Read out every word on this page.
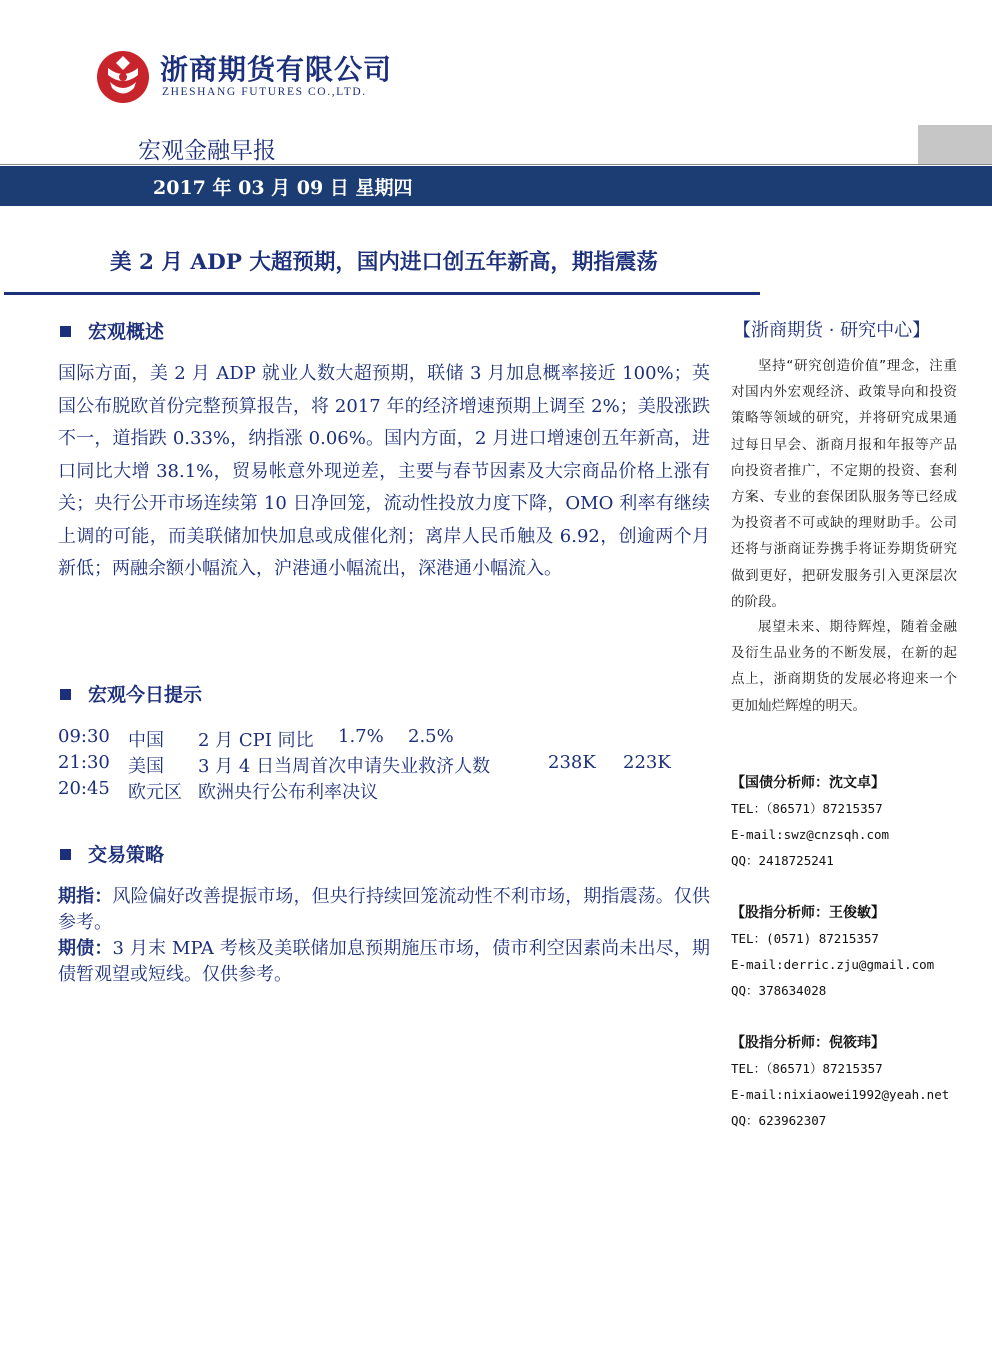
浙商期货有限公司
ZHESHANG FUTURES CO.,LTD.
宏观金融早报
2017 年 03 月 09 日 星期四
美 2 月 ADP 大超预期，国内进口创五年新高，期指震荡
宏观概述
国际方面，美 2 月 ADP 就业人数大超预期，联储 3 月加息概率接近 100%；英国公布脱欧首份完整预算报告，将 2017 年的经济增速预期上调至 2%；美股涨跌不一，道指跌 0.33%，纳指涨 0.06%。国内方面，2 月进口增速创五年新高，进口同比大增 38.1%，贸易帐意外现逆差，主要与春节因素及大宗商品价格上涨有关；央行公开市场连续第 10 日净回笼，流动性投放力度下降，OMO 利率有继续上调的可能，而美联储加快加息或成催化剂；离岸人民币触及 6.92，创逾两个月新低；两融余额小幅流入，沪港通小幅流出，深港通小幅流入。
宏观今日提示
09:30 中国 2 月 CPI 同比 1.7% 2.5%
21:30 美国 3 月 4 日当周首次申请失业救济人数	238K 223K
20:45 欧元区 欧洲央行公布利率决议
交易策略
期指：风险偏好改善提振市场，但央行持续回笼流动性不利市场，期指震荡。仅供参考。
期债：3 月末 MPA 考核及美联储加息预期施压市场，债市利空因素尚未出尽，期债暂观望或短线。仅供参考。
【浙商期货 · 研究中心】
坚持“研究创造价值”理念，注重对国内外宏观经济、政策导向和投资策略等领域的研究，并将研究成果通过每日早会、浙商月报和年报等产品向投资者推广，不定期的投资、套利方案、专业的套保团队服务等已经成为投资者不可或缺的理财助手。公司还将与浙商证券携手将证券期货研究做到更好，把研发服务引入更深层次的阶段。
展望未来、期待辉煌，随着金融及衍生品业务的不断发展，在新的起点上，浙商期货的发展必将迎来一个更加灿烂辉煌的明天。
【国债分析师：沈文卓】
TEL：（86571）87215357
E-mail:swz@cnzsqh.com
QQ：2418725241
【股指分析师：王俊敏】
TEL：(0571) 87215357
E-mail:derric.zju@gmail.com
QQ：378634028
【股指分析师：倪筱玮】
TEL：（86571）87215357
E-mail:nixiaowei1992@yeah.net
QQ：623962307
